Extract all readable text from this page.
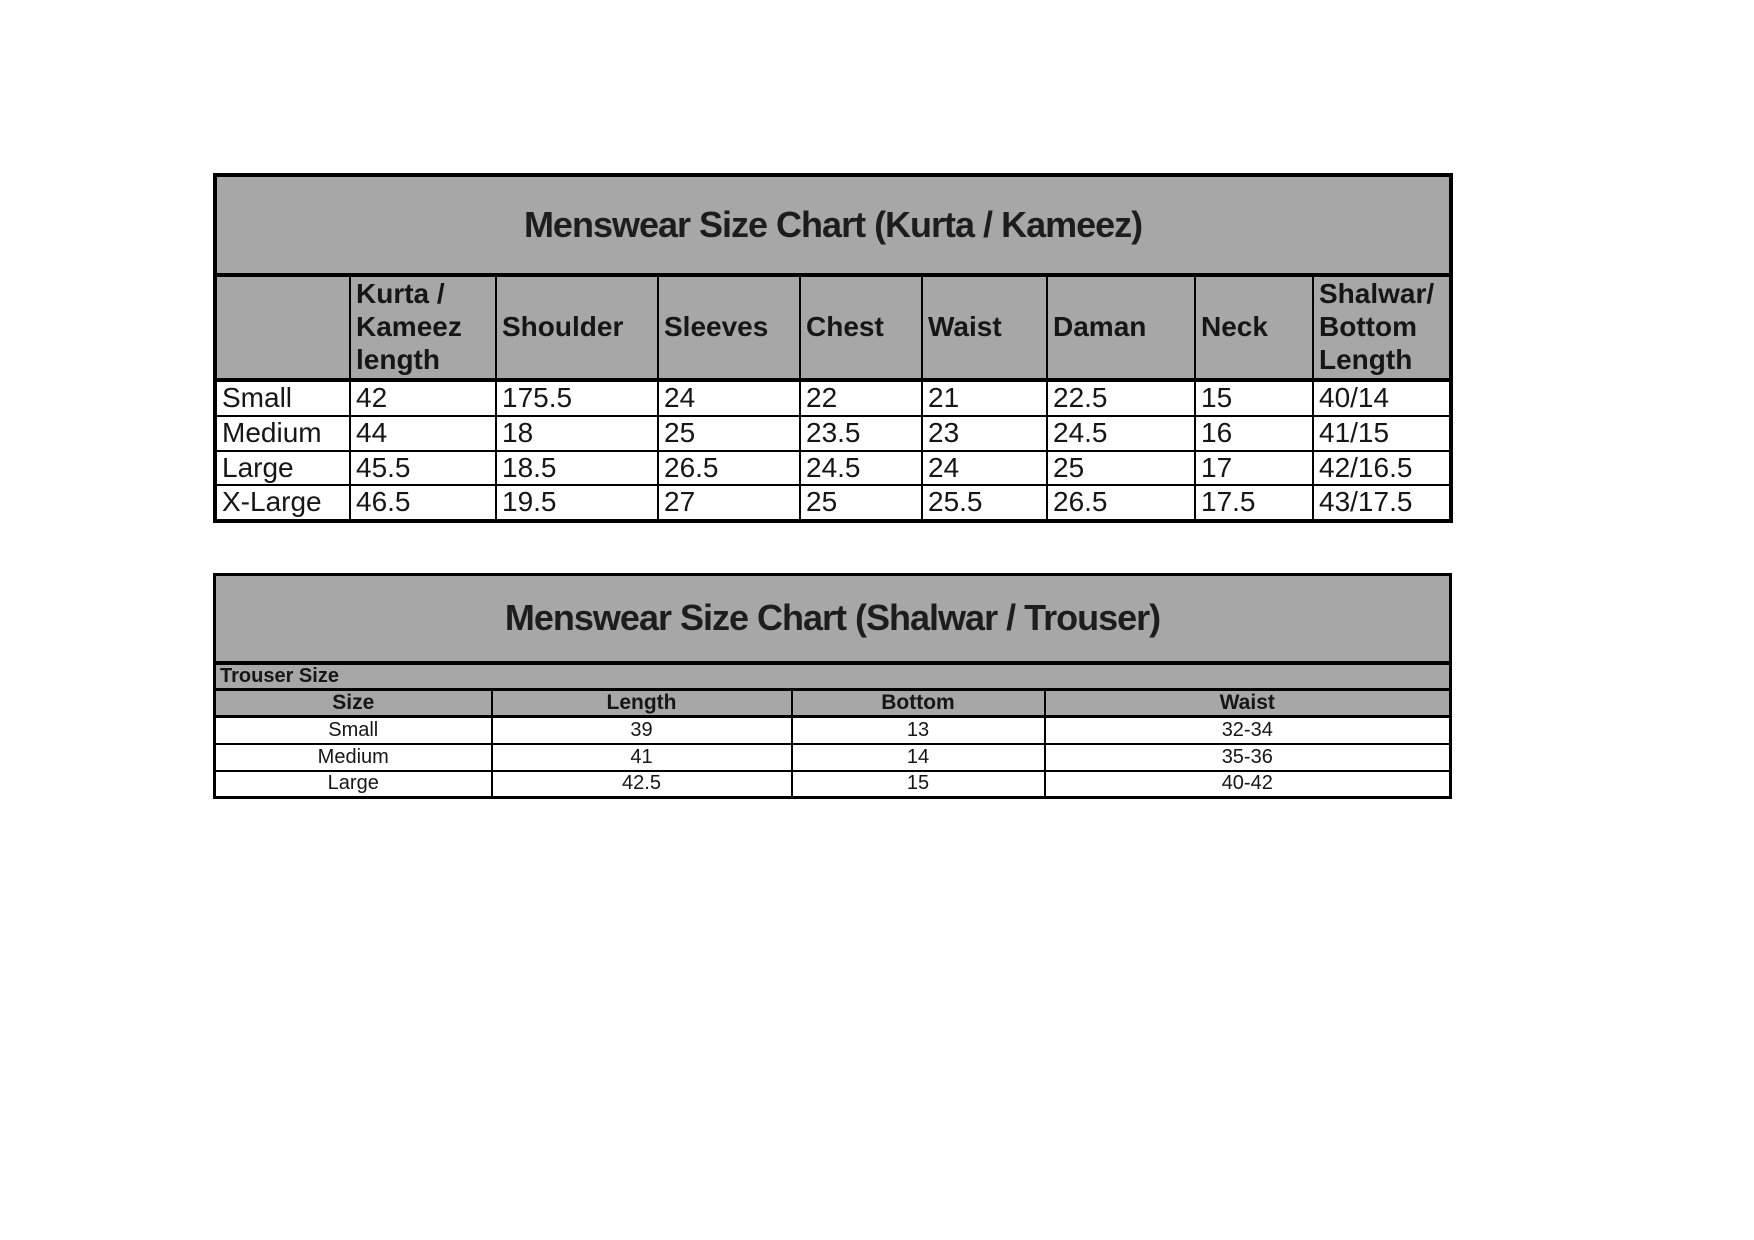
Menswear Size Chart (Kurta / Kameez)								
	Kurta / Kameez length	Shoulder	Sleeves	Chest	Waist	Daman	Neck	Shalwar/ Bottom Length
Small	42	175.5	24	22	21	22.5	15	40/14
Medium	44	18	25	23.5	23	24.5	16	41/15
Large	45.5	18.5	26.5	24.5	24	25	17	42/16.5
X-Large	46.5	19.5	27	25	25.5	26.5	17.5	43/17.5
Menswear Size Chart (Shalwar / Trouser)			
Trouser Size			
Size	Length	Bottom	Waist
Small	39	13	32-34
Medium	41	14	35-36
Large	42.5	15	40-42
